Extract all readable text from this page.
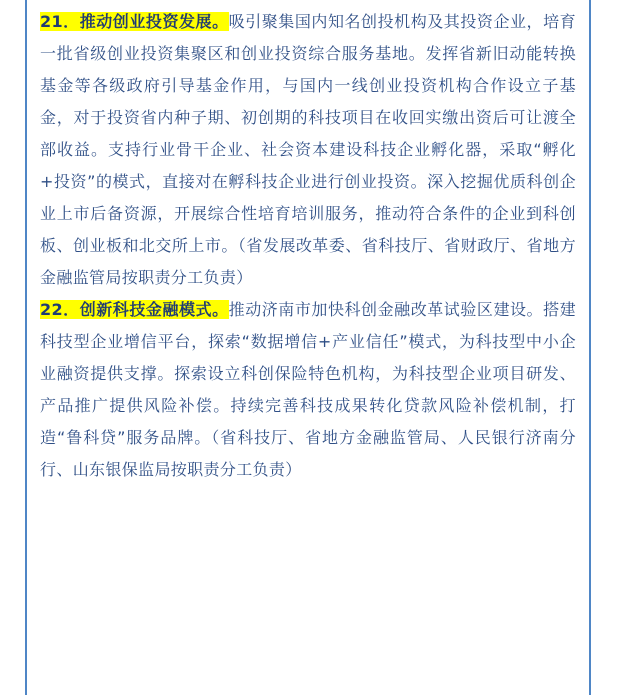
21．推动创业投资发展。吸引聚集国内知名创投机构及其投资企业，培育一批省级创业投资集聚区和创业投资综合服务基地。发挥省新旧动能转换基金等各级政府引导基金作用，与国内一线创业投资机构合作设立子基金，对于投资省内种子期、初创期的科技项目在收回实缴出资后可让渡全部收益。支持行业骨干企业、社会资本建设科技企业孵化器，采取“孵化+投资”的模式，直接对在孵科技企业进行创业投资。深入挖掘优质科创企业上市后备资源，开展综合性培育培训服务，推动符合条件的企业到科创板、创业板和北交所上市。（省发展改革委、省科技厅、省财政厅、省地方金融监管局按职责分工负责）

22．创新科技金融模式。推动济南市加快科创金融改革试验区建设。搭建科技型企业增信平台，探索“数据增信+产业信任”模式，为科技型中小企业融资提供支撑。探索设立科创保险特色机构，为科技型企业项目研发、产品推广提供风险补偿。持续完善科技成果转化贷款风险补偿机制，打造“鲁科贷”服务品牌。（省科技厅、省地方金融监管局、人民银行济南分行、山东银保监局按职责分工负责）
